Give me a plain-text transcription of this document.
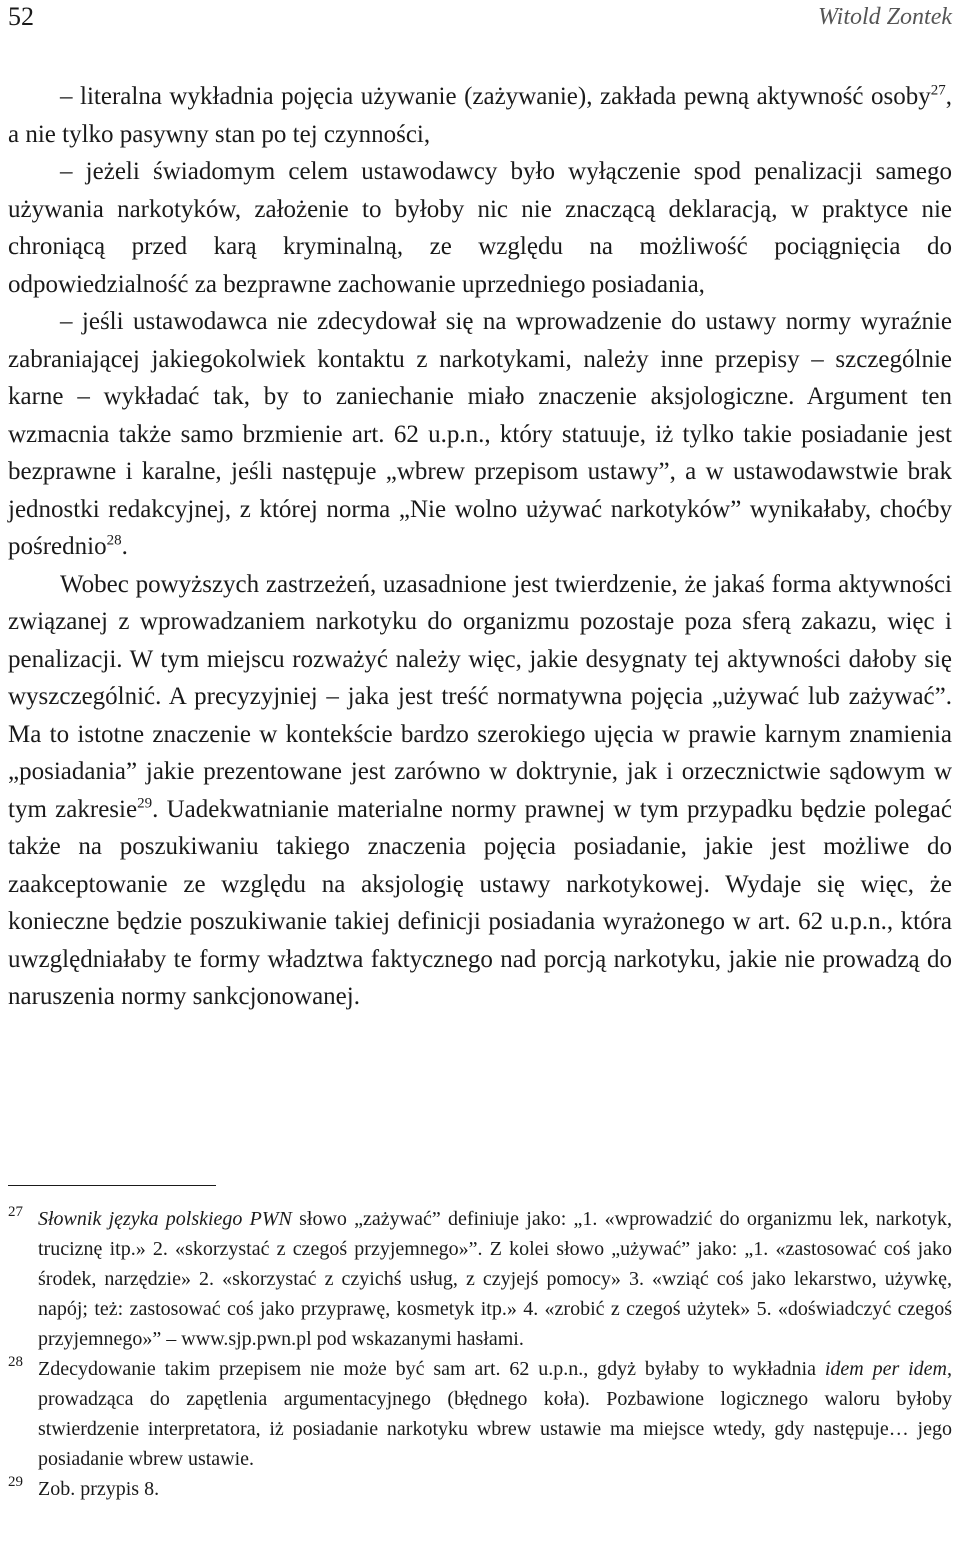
52	Witold Zontek

– literalna wykładnia pojęcia używanie (zażywanie), zakłada pewną aktywność osoby$^{27}$, a nie tylko pasywny stan po tej czynności,

– jeżeli świadomym celem ustawodawcy było wyłączenie spod penalizacji samego używania narkotyków, założenie to byłoby nic nie znaczącą deklaracją, w praktyce nie chroniącą przed karą kryminalną, ze względu na możliwość pociągnięcia do odpowiedzialność za bezprawne zachowanie uprzedniego posiadania,

– jeśli ustawodawca nie zdecydował się na wprowadzenie do ustawy normy wyraźnie zabraniającej jakiegokolwiek kontaktu z narkotykami, należy inne przepisy – szczególnie karne – wykładać tak, by to zaniechanie miało znaczenie aksjologiczne. Argument ten wzmacnia także samo brzmienie art. 62 u.p.n., który statuuje, iż tylko takie posiadanie jest bezprawne i karalne, jeśli następuje „wbrew przepisom ustawy”, a w ustawodawstwie brak jednostki redakcyjnej, z której norma „Nie wolno używać narkotyków” wynikałaby, choćby pośrednio$^{28}$.

Wobec powyższych zastrzeżeń, uzasadnione jest twierdzenie, że jakaś forma aktywności związanej z wprowadzaniem narkotyku do organizmu pozostaje poza sferą zakazu, więc i penalizacji. W tym miejscu rozważyć należy więc, jakie desygnaty tej aktywności dałoby się wyszczególnić. A precyzyjniej – jaka jest treść normatywna pojęcia „używać lub zażywać”. Ma to istotne znaczenie w kontekście bardzo szerokiego ujęcia w prawie karnym znamienia „posiadania” jakie prezentowane jest zarówno w doktrynie, jak i orzecznictwie sądowym w tym zakresie$^{29}$. Uadekwatnianie materialne normy prawnej w tym przypadku będzie polegać także na poszukiwaniu takiego znaczenia pojęcia posiadanie, jakie jest możliwe do zaakceptowanie ze względu na aksjologię ustawy narkotykowej. Wydaje się więc, że konieczne będzie poszukiwanie takiej definicji posiadania wyrażonego w art. 62 u.p.n., która uwzględniałaby te formy władztwa faktycznego nad porcją narkotyku, jakie nie prowadzą do naruszenia normy sankcjonowanej.

27 Słownik języka polskiego PWN słowo „zażywać” definiuje jako: „1. «wprowadzić do organizmu lek, narkotyk, truciznę itp.» 2. «skorzystać z czegoś przyjemnego»”. Z kolei słowo „używać” jako: „1. «zastosować coś jako środek, narzędzie» 2. «skorzystać z czyichś usług, z czyjejś pomocy» 3. «wziąć coś jako lekarstwo, używkę, napój; też: zastosować coś jako przyprawę, kosmetyk itp.» 4. «zrobić z czegoś użytek» 5. «doświadczyć czegoś przyjemnego»” – www.sjp.pwn.pl pod wskazanymi hasłami.

28 Zdecydowanie takim przepisem nie może być sam art. 62 u.p.n., gdyż byłaby to wykładnia idem per idem, prowadząca do zapętlenia argumentacyjnego (błędnego koła). Pozbawione logicznego waloru byłoby stwierdzenie interpretatora, iż posiadanie narkotyku wbrew ustawie ma miejsce wtedy, gdy następuje… jego posiadanie wbrew ustawie.

29 Zob. przypis 8.
